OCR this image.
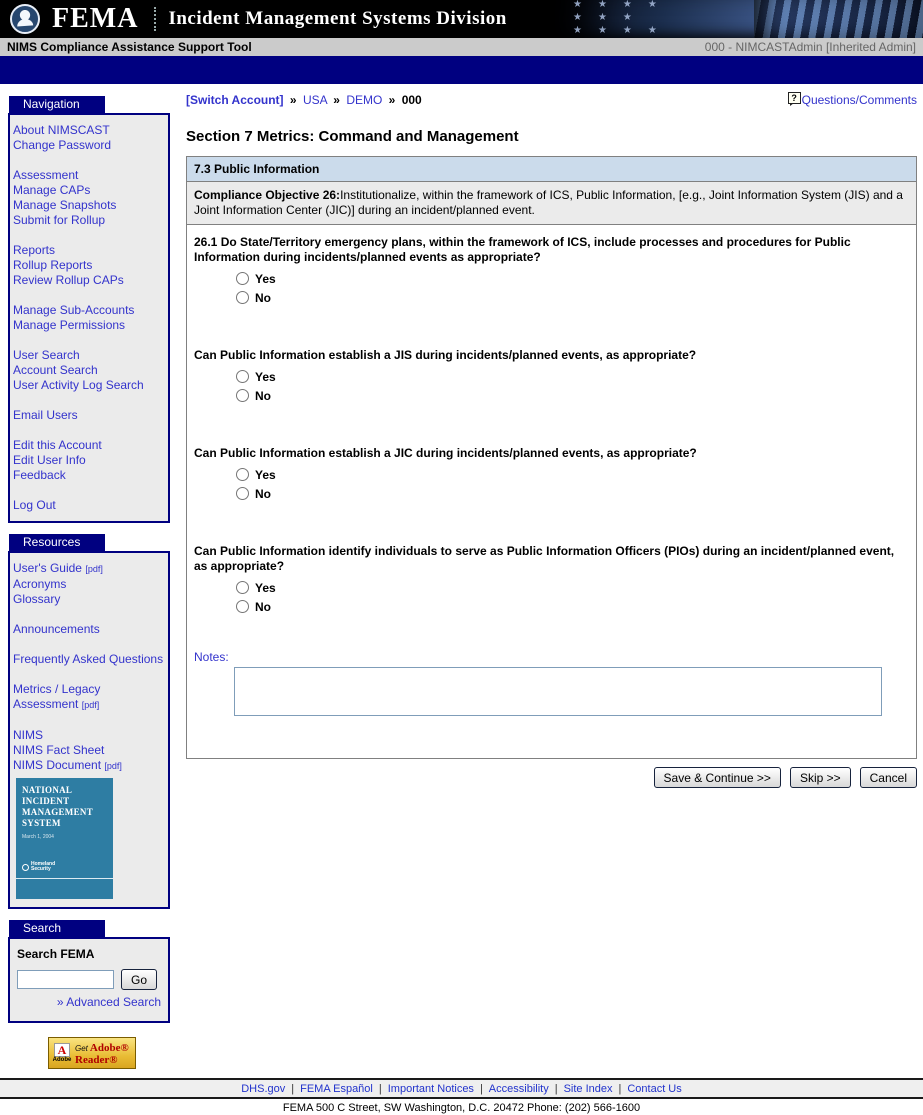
★★★★ ★★★ ★★★★
FEMA Incident Management Systems Division
NIMS Compliance Assistance Support Tool	000 - NIMCASTAdmin [Inherited Admin]
Navigation
About NIMSCAST
Change Password
Assessment
Manage CAPs
Manage Snapshots
Submit for Rollup
Reports
Rollup Reports
Review Rollup CAPs
Manage Sub-Accounts
Manage Permissions
User Search
Account Search
User Activity Log Search
Email Users
Edit this Account
Edit User Info
Feedback
Log Out
Resources
User's Guide [pdf]
Acronyms
Glossary
Announcements
Frequently Asked Questions
Metrics / Legacy Assessment [pdf]
NIMS
NIMS Fact Sheet
NIMS Document [pdf]
NATIONAL INCIDENT MANAGEMENT SYSTEM
March 1, 2004
Homeland Security
Search
Search FEMA
Go
» Advanced Search
A
Adobe
Get Adobe®
Reader®
[Switch Account] » USA » DEMO » 000	? Questions/Comments
Section 7 Metrics: Command and Management
7.3 Public Information
Compliance Objective 26:Institutionalize, within the framework of ICS, Public Information, [e.g., Joint Information System (JIS) and a Joint Information Center (JIC)] during an incident/planned event.
26.1 Do State/Territory emergency plans, within the framework of ICS, include processes and procedures for Public Information during incidents/planned events as appropriate?
Yes
No
Can Public Information establish a JIS during incidents/planned events, as appropriate?
Yes
No
Can Public Information establish a JIC during incidents/planned events, as appropriate?
Yes
No
Can Public Information identify individuals to serve as Public Information Officers (PIOs) during an incident/planned event, as appropriate?
Yes
No
Notes:
Save & Continue >>	Skip >>	Cancel
DHS.gov | FEMA Español | Important Notices | Accessibility | Site Index | Contact Us
FEMA 500 C Street, SW Washington, D.C. 20472 Phone: (202) 566-1600
